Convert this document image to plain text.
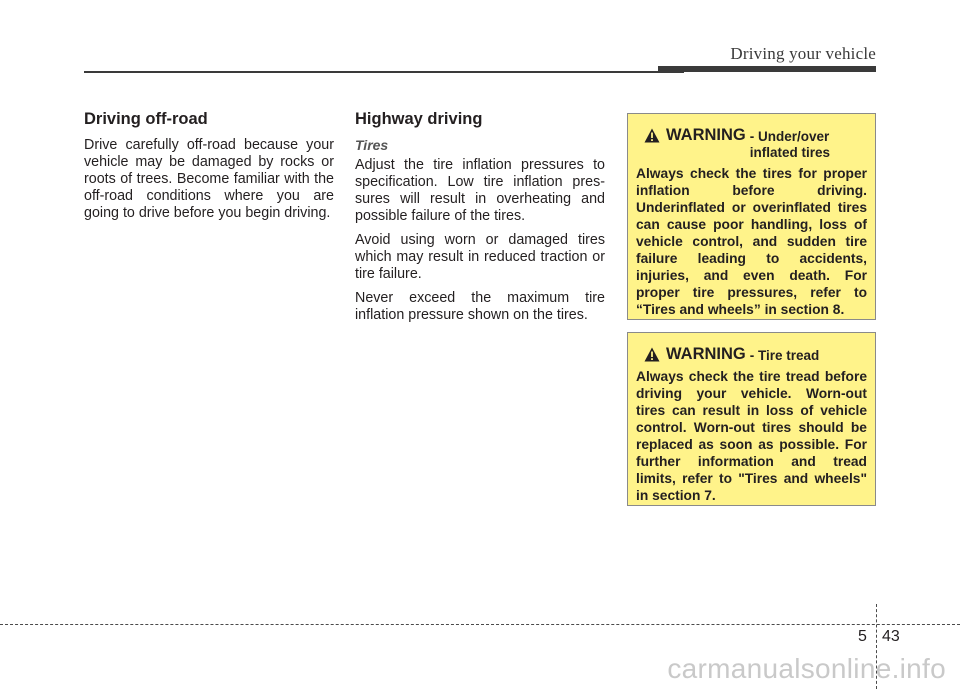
Driving your vehicle
Driving off-road

Drive carefully off-road because your vehicle may be damaged by rocks or roots of trees. Become familiar with the off-road conditions where you are going to drive before you begin driving.

Highway driving
Tires

Adjust the tire inflation pressures to specification. Low tire inflation pressures will result in overheating and possible failure of the tires.

Avoid using worn or damaged tires which may result in reduced traction or tire failure.

Never exceed the maximum tire inflation pressure shown on the tires.

WARNING - Under/over
inflated tires

Always check the tires for proper inflation before driving. Underinflated or overinflated tires can cause poor handling, loss of vehicle control, and sudden tire failure leading to accidents, injuries, and even death. For proper tire pressures, refer to “Tires and wheels” in section 8.

WARNING - Tire tread

Always check the tire tread before driving your vehicle. Worn-out tires can result in loss of vehicle control. Worn-out tires should be replaced as soon as possible. For further information and tread limits, refer to "Tires and wheels" in section 7.

5 43
carmanualsonline.info
